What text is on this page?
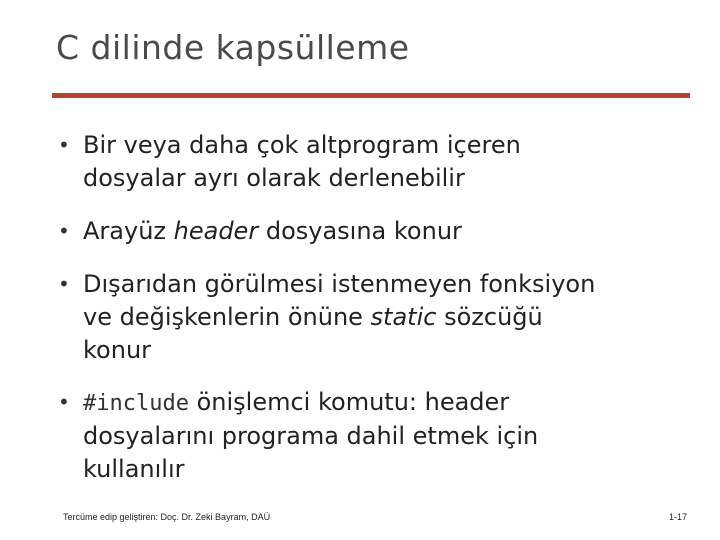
C dilinde kapsülleme
• Bir veya daha çok altprogram içeren
dosyalar ayrı olarak derlenebilir
• Arayüz header dosyasına konur
• Dışarıdan görülmesi istenmeyen fonksiyon
ve değişkenlerin önüne static sözcüğü
konur
• #include önişlemci komutu: header
dosyalarını programa dahil etmek için
kullanılır
Tercüme edip geliştiren: Doç. Dr. Zeki Bayram, DAÜ	1-17
